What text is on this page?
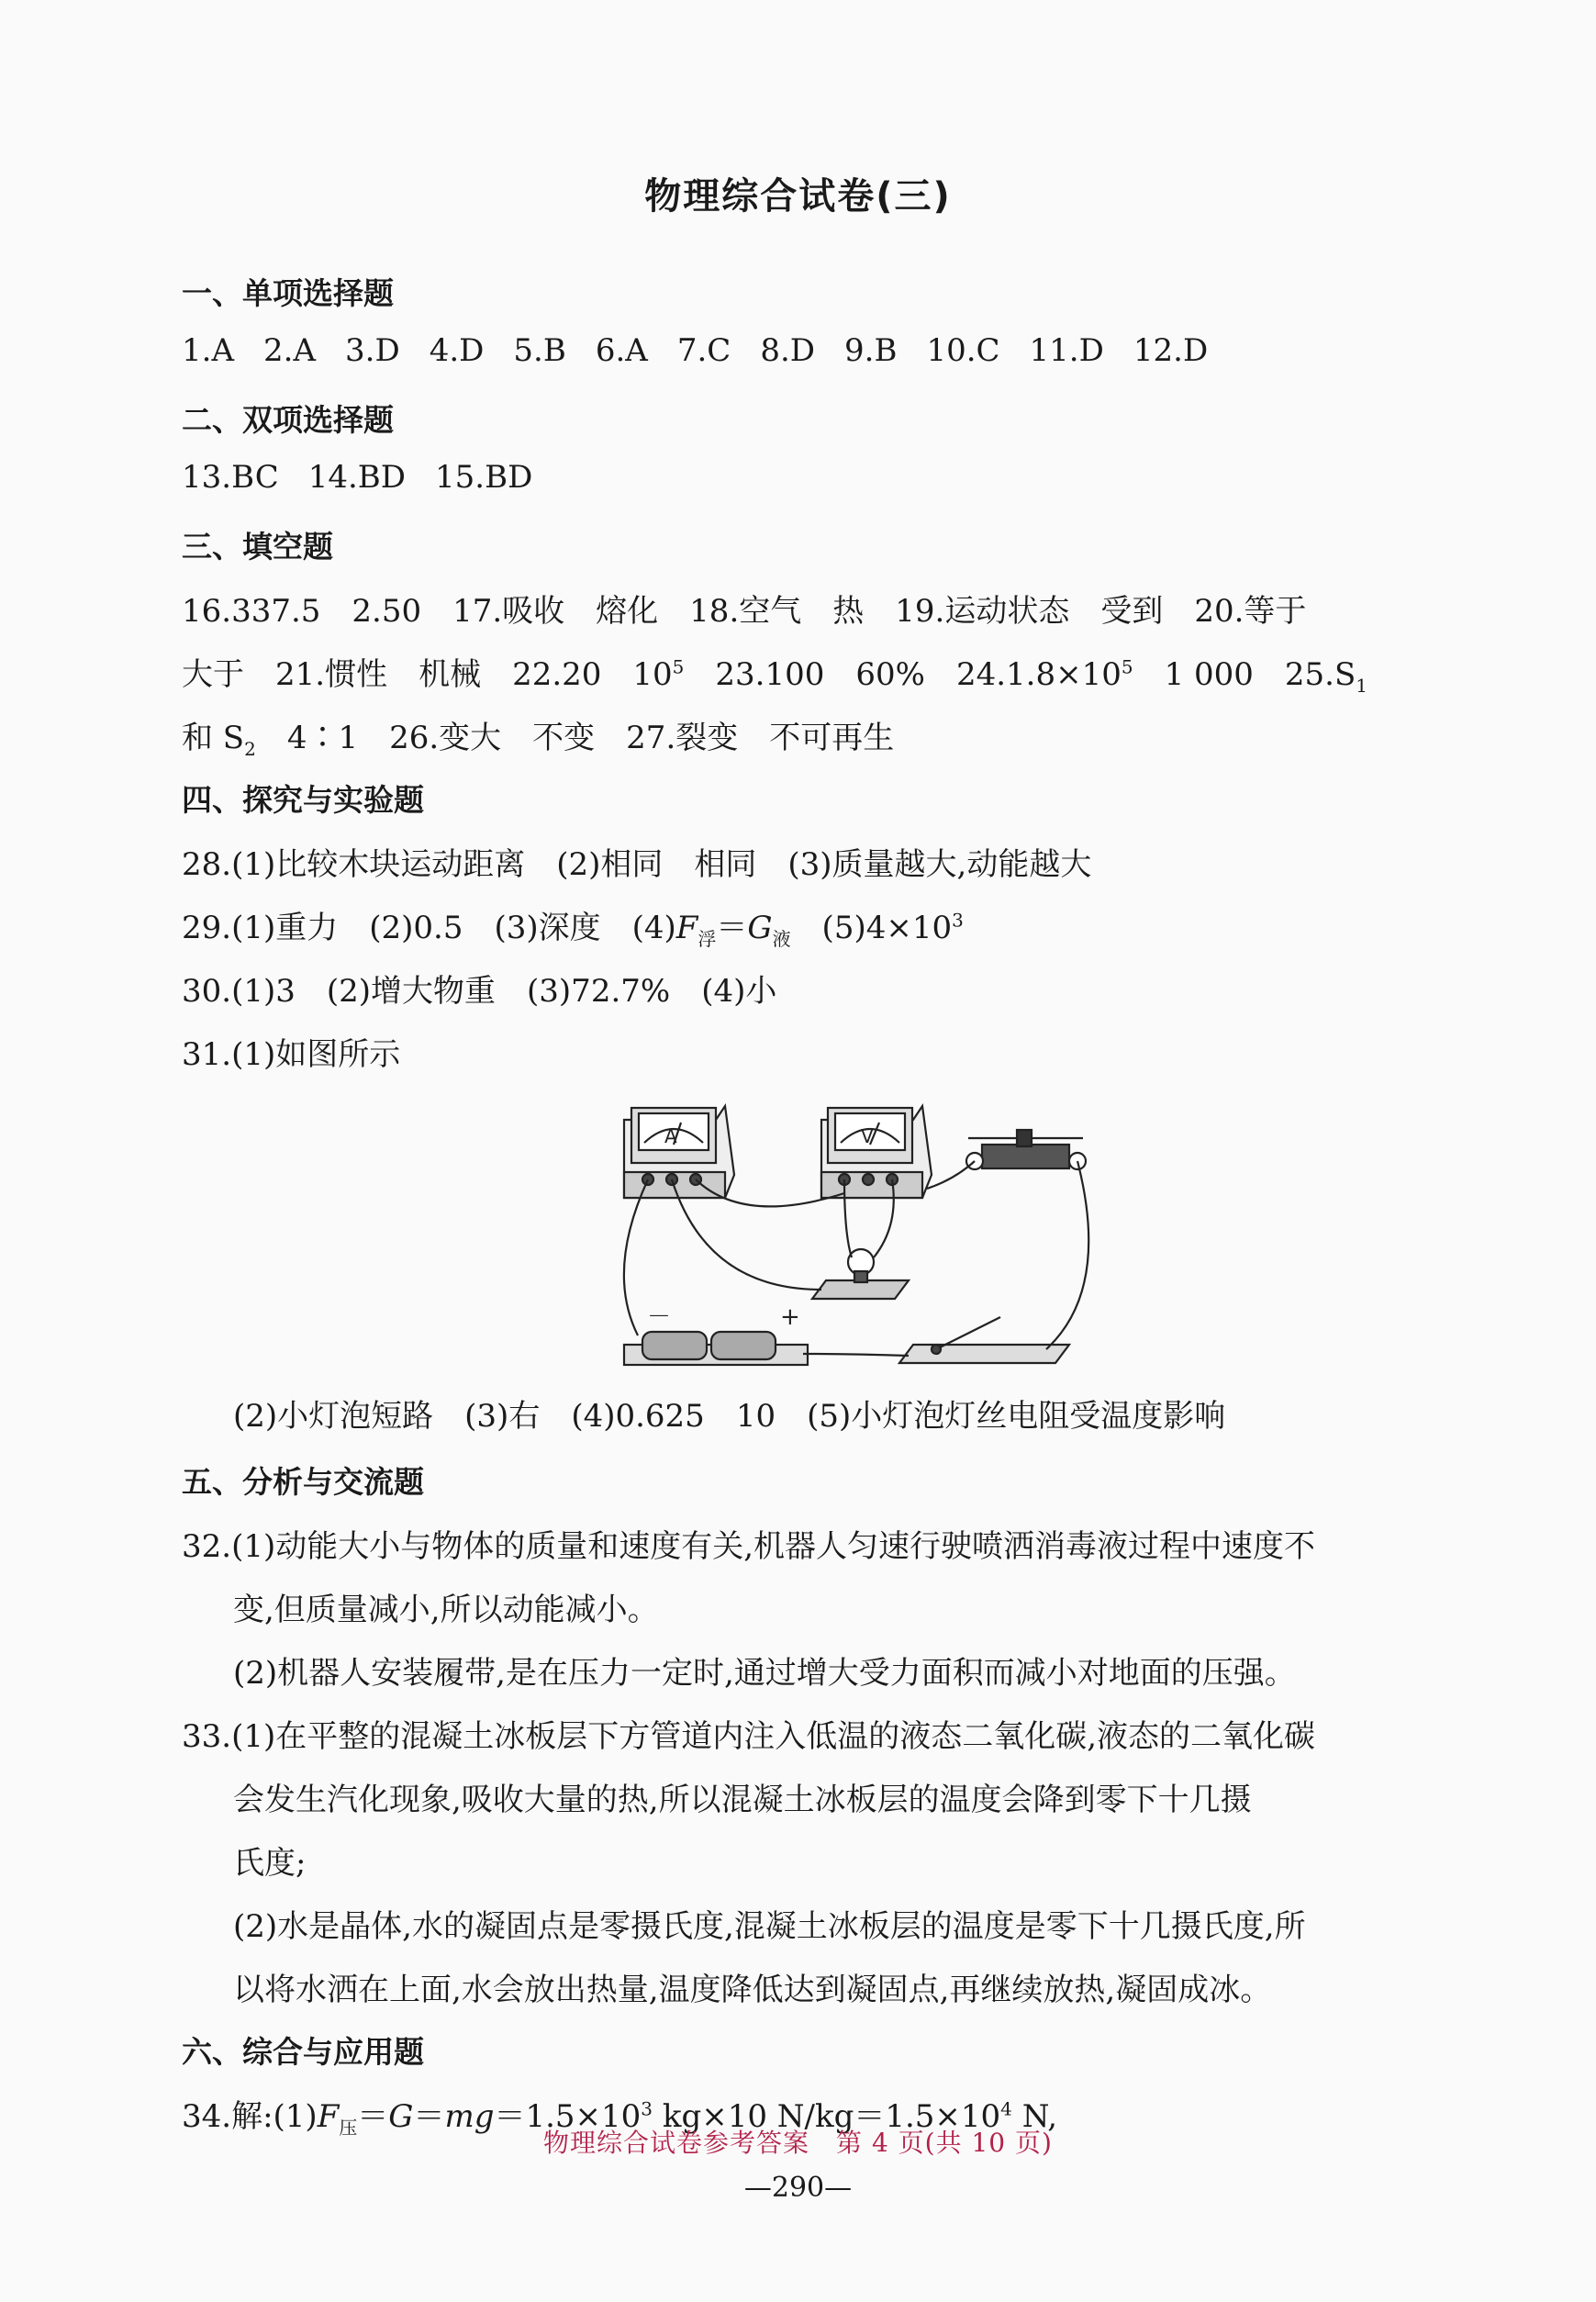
物理综合试卷(三)
一、单项选择题
1.A 2.A 3.D 4.D 5.B 6.A 7.C 8.D 9.B 10.C 11.D 12.D
二、双项选择题
13.BC 14.BD 15.BD
三、填空题
16.337.5　2.50　17.吸收　熔化　18.空气　热　19.运动状态　受到　20.等于
大于　21.惯性　机械　22.20　$10^5$　23.100　60%　$24.1.8\times 10^5$　1 000　$25.S_1$
和 $S_2$　4∶1　26.变大　不变　27.裂变　不可再生
四、探究与实验题
28.(1)比较木块运动距离　(2)相同　相同　(3)质量越大,动能越大
29.(1)重力　(2)0.5　(3)深度　$(4)F_浮=G_液$　$(5)4\times 10^3$
30.(1)3　(2)增大物重　(3)72.7%　(4)小
31.(1)如图所示
A	V
－	+
(2)小灯泡短路　(3)右　(4)0.625　10　(5)小灯泡灯丝电阻受温度影响
五、分析与交流题
32.(1)动能大小与物体的质量和速度有关,机器人匀速行驶喷洒消毒液过程中速度不
变,但质量减小,所以动能减小。
(2)机器人安装履带,是在压力一定时,通过增大受力面积而减小对地面的压强。
33.(1)在平整的混凝土冰板层下方管道内注入低温的液态二氧化碳,液态的二氧化碳
会发生汽化现象,吸收大量的热,所以混凝土冰板层的温度会降到零下十几摄
氏度;
(2)水是晶体,水的凝固点是零摄氏度,混凝土冰板层的温度是零下十几摄氏度,所
以将水洒在上面,水会放出热量,温度降低达到凝固点,再继续放热,凝固成冰。
六、综合与应用题
34.解$:(1)F_压=G=mg=1.5\times 10^3$ kg×10 $N/kg=1.5\times 10^4$ N,
物理综合试卷参考答案　第 4 页(共 10 页)
—290—
